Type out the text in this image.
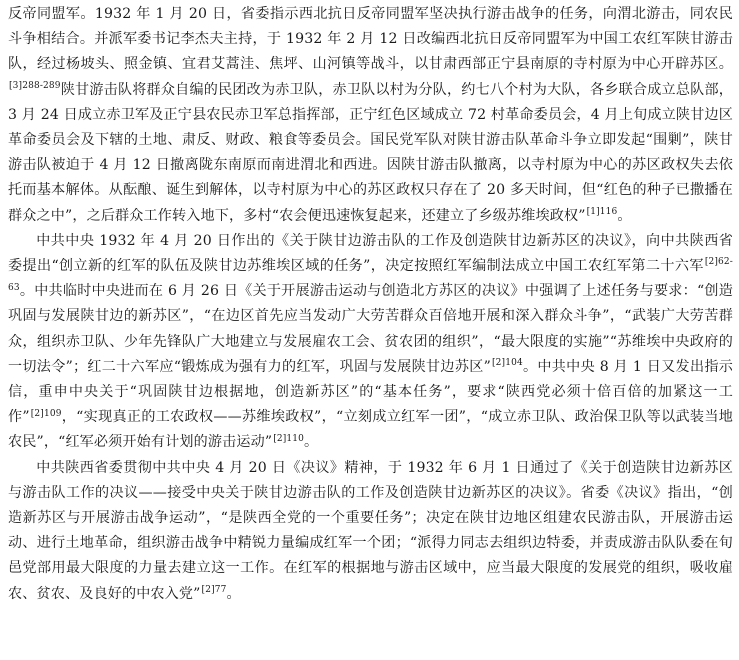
反帝同盟军。1932 年 1 月 20 日，省委指示西北抗日反帝同盟军坚决执行游击战争的任务，向渭北游击，同农民斗争相结合。并派军委书记李杰夫主持，于 1932 年 2 月 12 日改编西北抗日反帝同盟军为中国工农红军陕甘游击队，经过杨坡头、照金镇、宜君艾蒿洼、焦坪、山河镇等战斗，以甘肃西部正宁县南原的寺村原为中心开辟苏区。$^{[3]288-289}$陕甘游击队将群众自编的民团改为赤卫队，赤卫队以村为分队，约七八个村为大队，各乡联合成立总队部，3 月 24 日成立赤卫军及正宁县农民赤卫军总指挥部，正宁红色区域成立 72 村革命委员会，4 月上旬成立陕甘边区革命委员会及下辖的土地、肃反、财政、粮食等委员会。国民党军队对陕甘游击队革命斗争立即发起“围剿”，陕甘游击队被迫于 4 月 12 日撤离陇东南原而南进渭北和西进。因陕甘游击队撤离，以寺村原为中心的苏区政权失去依托而基本解体。从酝酿、诞生到解体，以寺村原为中心的苏区政权只存在了 20 多天时间，但“红色的种子已撒播在群众之中”，之后群众工作转入地下，多村“农会便迅速恢复起来，还建立了乡级苏维埃政权”$^{[1]116}$。

中共中央 1932 年 4 月 20 日作出的《关于陕甘边游击队的工作及创造陕甘边新苏区的决议》，向中共陕西省委提出“创立新的红军的队伍及陕甘边苏维埃区域的任务”，决定按照红军编制法成立中国工农红军第二十六军$^{[2]62-63}$。中共临时中央进而在 6 月 26 日《关于开展游击运动与创造北方苏区的决议》中强调了上述任务与要求：“创造巩固与发展陕甘边的新苏区”，“在边区首先应当发动广大劳苦群众百倍地开展和深入群众斗争”，“武装广大劳苦群众，组织赤卫队、少年先锋队广大地建立与发展雇农工会、贫农团的组织”，“最大限度的实施”“苏维埃中央政府的一切法令”；红二十六军应“锻炼成为强有力的红军，巩固与发展陕甘边苏区”$^{[2]104}$。中共中央 8 月 1 日又发出指示信，重申中央关于“巩固陕甘边根据地，创造新苏区”的“基本任务”，要求“陕西党必须十倍百倍的加紧这一工作”$^{[2]109}$，“实现真正的工农政权——苏维埃政权”，“立刻成立红军一团”，“成立赤卫队、政治保卫队等以武装当地农民”，“红军必须开始有计划的游击运动”$^{[2]110}$。

中共陕西省委贯彻中共中央 4 月 20 日《决议》精神，于 1932 年 6 月 1 日通过了《关于创造陕甘边新苏区与游击队工作的决议——接受中央关于陕甘边游击队的工作及创造陕甘边新苏区的决议》。省委《决议》指出，“创造新苏区与开展游击战争运动”，“是陕西全党的一个重要任务”；决定在陕甘边地区组建农民游击队，开展游击运动、进行土地革命，组织游击战争中精锐力量编成红军一个团；“派得力同志去组织边特委，并责成游击队队委在旬邑党部用最大限度的力量去建立这一工作。在红军的根据地与游击区域中，应当最大限度的发展党的组织，吸收雇农、贫农、及良好的中农入党”$^{[2]77}$。
